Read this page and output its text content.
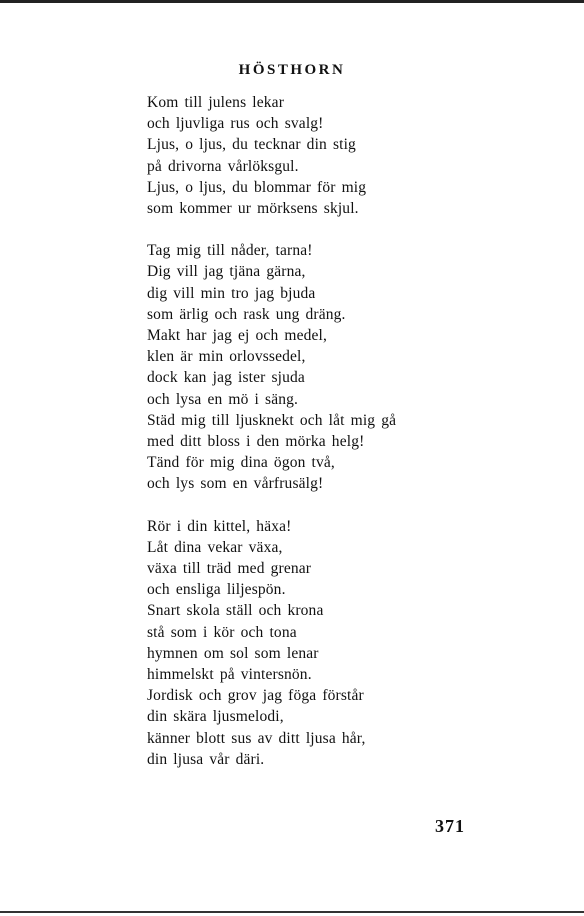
HÖSTHORN
Kom till julens lekar
och ljuvliga rus och svalg!
Ljus, o ljus, du tecknar din stig
på drivorna vårlöksgul.
Ljus, o ljus, du blommar för mig
som kommer ur mörksens skjul.
Tag mig till nåder, tarna!
Dig vill jag tjäna gärna,
dig vill min tro jag bjuda
som ärlig och rask ung dräng.
Makt har jag ej och medel,
klen är min orlovssedel,
dock kan jag ister sjuda
och lysa en mö i säng.
Städ mig till ljusknekt och låt mig gå
med ditt bloss i den mörka helg!
Tänd för mig dina ögon två,
och lys som en vårfrusälg!
Rör i din kittel, häxa!
Låt dina vekar växa,
växa till träd med grenar
och ensliga liljespön.
Snart skola ställ och krona
stå som i kör och tona
hymnen om sol som lenar
himmelskt på vintersnön.
Jordisk och grov jag föga förstår
din skära ljusmelodi,
känner blott sus av ditt ljusa hår,
din ljusa vår däri.
371
